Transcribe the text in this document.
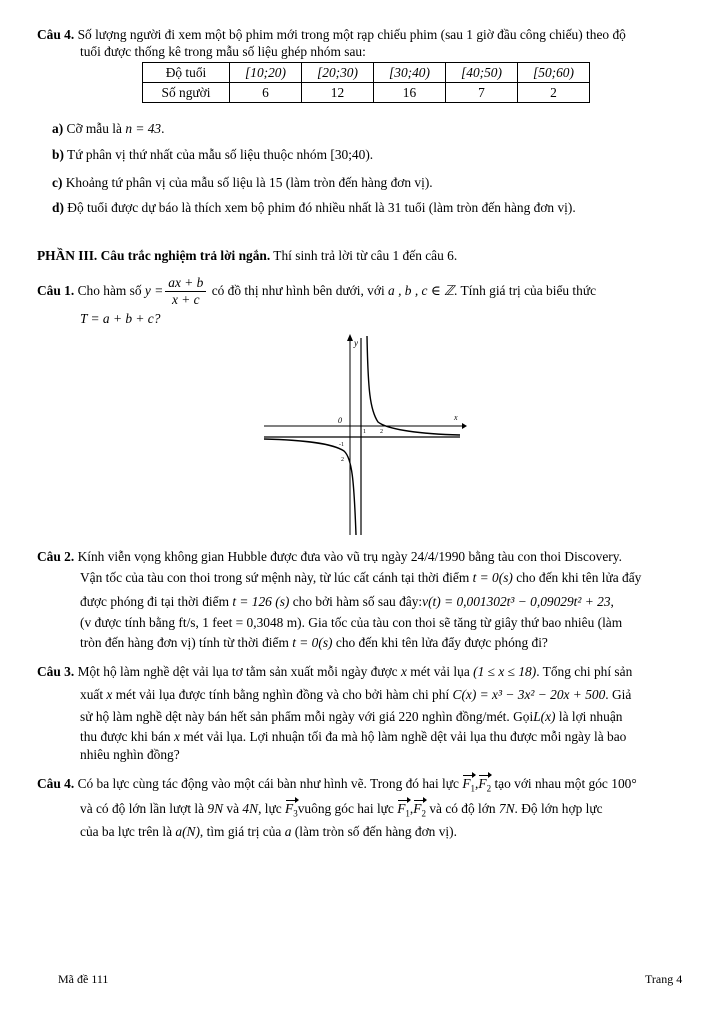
Câu 4. Số lượng người đi xem một bộ phim mới trong một rạp chiếu phim (sau 1 giờ đầu công chiếu) theo độ
tuổi được thống kê trong mẫu số liệu ghép nhóm sau:
Độ tuổi	[10;20)	[20;30)	[30;40)	[40;50)	[50;60)
Số người	6	12	16	7	2
a) Cỡ mẫu là n = 43.
b) Tứ phân vị thứ nhất của mẫu số liệu thuộc nhóm [30;40).
c) Khoảng tứ phân vị của mẫu số liệu là 15 (làm tròn đến hàng đơn vị).
d) Độ tuổi được dự báo là thích xem bộ phim đó nhiều nhất là 31 tuổi (làm tròn đến hàng đơn vị).
PHẦN III. Câu trắc nghiệm trả lời ngắn. Thí sinh trả lời từ câu 1 đến câu 6.
Câu 1. Cho hàm số $y = \frac{ax + b}{x + c}$ có đồ thị như hình bên dưới, với a , b , c ∈ ℤ. Tính giá trị của biểu thức
T = a + b + c?
y
x
0
1 2
-1
2
Câu 2. Kính viễn vọng không gian Hubble được đưa vào vũ trụ ngày 24/4/1990 bằng tàu con thoi Discovery.
Vận tốc của tàu con thoi trong sứ mệnh này, từ lúc cất cánh tại thời điểm t = 0(s) cho đến khi tên lửa đẩy
được phóng đi tại thời điểm t = 126 (s) cho bởi hàm số sau đây:v(t) = 0,001302t³ − 0,09029t² + 23,
(v được tính bằng ft/s, 1 feet = 0,3048 m). Gia tốc của tàu con thoi sẽ tăng từ giây thứ bao nhiêu (làm
tròn đến hàng đơn vị) tính từ thời điểm t = 0(s) cho đến khi tên lửa đẩy được phóng đi?
Câu 3. Một hộ làm nghề dệt vải lụa tơ tằm sản xuất mỗi ngày được x mét vải lụa (1 ≤ x ≤ 18). Tổng chi phí sản
xuất x mét vải lụa được tính bằng nghìn đồng và cho bởi hàm chi phí C(x) = x³ − 3x² − 20x + 500. Giả
sử hộ làm nghề dệt này bán hết sản phẩm mỗi ngày với giá 220 nghìn đồng/mét. GọiL(x) là lợi nhuận
thu được khi bán x mét vải lụa. Lợi nhuận tối đa mà hộ làm nghề dệt vải lụa thu được mỗi ngày là bao
nhiêu nghìn đồng?
Câu 4. Có ba lực cùng tác động vào một cái bàn như hình vẽ. Trong đó hai lực $F_1,F_2$ tạo với nhau một góc 100°
và có độ lớn lần lượt là 9N và 4N, lực $F_3vuông$ góc hai lực $F_1,F_2$ và có độ lớn 7N. Độ lớn hợp lực
của ba lực trên là a(N), tìm giá trị của a (làm tròn số đến hàng đơn vị).
Mã đề 111	Trang 4
